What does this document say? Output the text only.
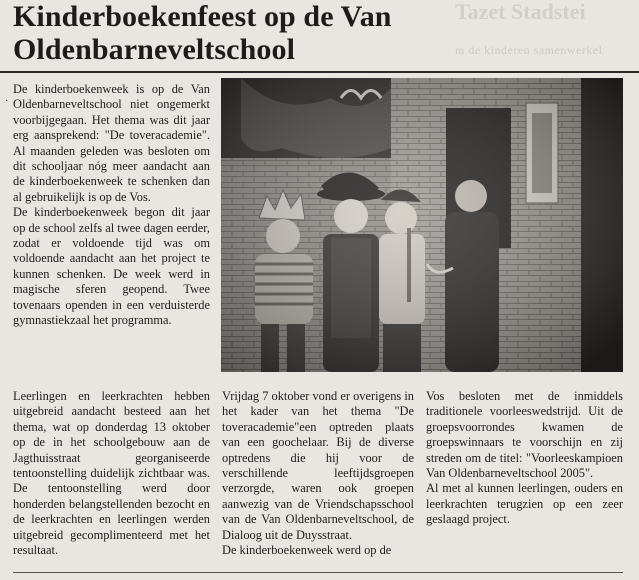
Tazet Stadstei
m de kinderen samenwerkel
Kinderboekenfeest op de Van
Oldenbarneveltschool
·

De kinderboekenweek is op de Van Oldenbarneveltschool niet ongemerkt voorbijgegaan. Het thema was dit jaar erg aansprekend: "De toveracademie". Al maanden geleden was besloten om dit schooljaar nóg meer aandacht aan de kinderboekenweek te schenken dan al gebruikelijk is op de Vos.

De kinderboekenweek begon dit jaar op de school zelfs al twee dagen eerder, zodat er voldoende tijd was om voldoende aandacht aan het project te kunnen schenken. De week werd in magische sferen geopend. Twee tovenaars openden in een verduisterde gymnastiekzaal het programma.

Leerlingen en leerkrachten hebben uitgebreid aandacht besteed aan het thema, wat op donderdag 13 oktober op de in het schoolgebouw aan de Jagthuisstraat georganiseerde tentoonstelling duidelijk zichtbaar was. De tentoonstelling werd door honderden belangstellenden bezocht en de leerkrachten en leerlingen werden uitgebreid gecomplimenteerd met het resultaat.

Vrijdag 7 oktober vond er overigens in het kader van het thema "De toveracademie"een optreden plaats van een goochelaar. Bij de diverse optredens die hij voor de verschillende leeftijdsgroepen verzorgde, waren ook groepen aanwezig van de Vriendschapsschool van de Van Oldenbarneveltschool, de Dialoog uit de Duysstraat.

De kinderboekenweek werd op de

Vos besloten met de inmiddels traditionele voorleeswedstrijd. Uit de groepsvoorrondes kwamen de groepswinnaars te voorschijn en zij streden om de titel: "Voorleeskampioen Van Oldenbarneveltschool 2005".

Al met al kunnen leerlingen, ouders en leerkrachten terugzien op een zeer geslaagd project.
